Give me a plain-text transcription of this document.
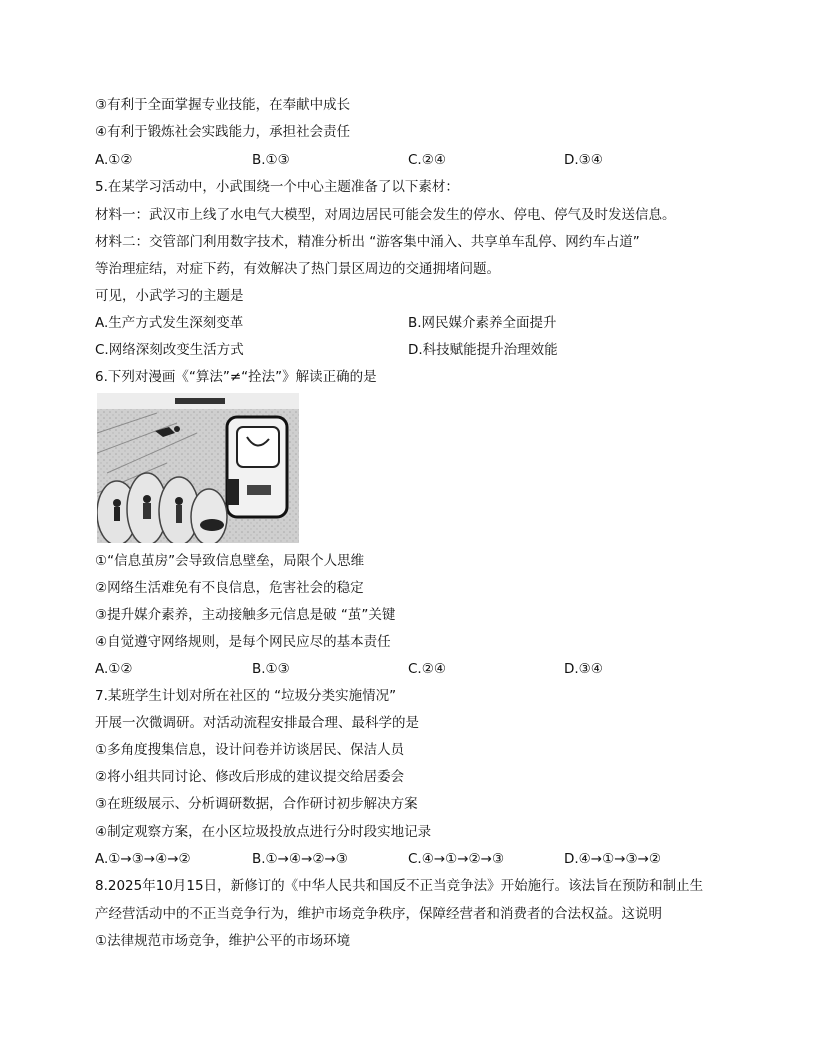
③有利于全面掌握专业技能，在奉献中成长
④有利于锻炼社会实践能力，承担社会责任
A.①②	B.①③	C.②④	D.③④
5.在某学习活动中，小武围绕一个中心主题准备了以下素材：
材料一：武汉市上线了水电气大模型，对周边居民可能会发生的停水、停电、停气及时发送信息。
材料二：交管部门利用数字技术，精准分析出 “游客集中涌入、共享单车乱停、网约车占道”
等治理症结，对症下药，有效解决了热门景区周边的交通拥堵问题。
可见，小武学习的主题是
A.生产方式发生深刻变革	B.网民媒介素养全面提升
C.网络深刻改变生活方式	D.科技赋能提升治理效能
6.下列对漫画《“算法”≠“拴法”》解读正确的是
①“信息茧房”会导致信息壁垒，局限个人思维
②网络生活难免有不良信息，危害社会的稳定
③提升媒介素养，主动接触多元信息是破 “茧”关键
④自觉遵守网络规则，是每个网民应尽的基本责任
A.①②	B.①③	C.②④	D.③④
7.某班学生计划对所在社区的 “垃圾分类实施情况”
开展一次微调研。对活动流程安排最合理、最科学的是
①多角度搜集信息，设计问卷并访谈居民、保洁人员
②将小组共同讨论、修改后形成的建议提交给居委会
③在班级展示、分析调研数据，合作研讨初步解决方案
④制定观察方案，在小区垃圾投放点进行分时段实地记录
A.①→③→④→②	B.①→④→②→③	C.④→①→②→③	D.④→①→③→②
8.2025年10月15日，新修订的《中华人民共和国反不正当竞争法》开始施行。该法旨在预防和制止生
产经营活动中的不正当竞争行为，维护市场竞争秩序，保障经营者和消费者的合法权益。这说明
①法律规范市场竞争，维护公平的市场环境
